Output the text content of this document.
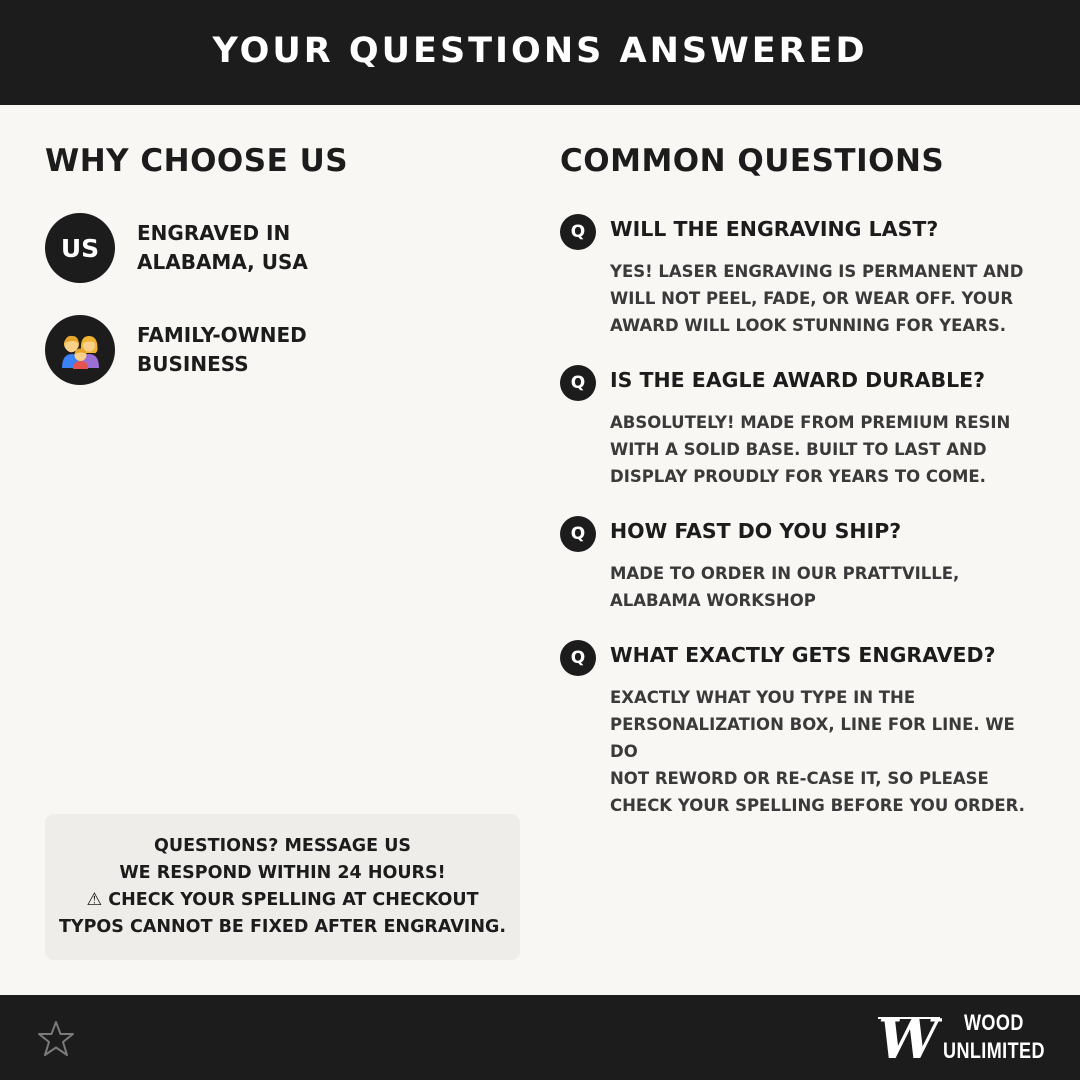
YOUR QUESTIONS ANSWERED
WHY CHOOSE US
US
ENGRAVED IN
ALABAMA, USA
FAMILY-OWNED
BUSINESS
COMMON QUESTIONS
Q	WILL THE ENGRAVING LAST?
YES! LASER ENGRAVING IS PERMANENT AND
WILL NOT PEEL, FADE, OR WEAR OFF. YOUR
AWARD WILL LOOK STUNNING FOR YEARS.
Q	IS THE EAGLE AWARD DURABLE?
ABSOLUTELY! MADE FROM PREMIUM RESIN
WITH A SOLID BASE. BUILT TO LAST AND
DISPLAY PROUDLY FOR YEARS TO COME.
Q	HOW FAST DO YOU SHIP?
MADE TO ORDER IN OUR PRATTVILLE,
ALABAMA WORKSHOP
Q	WHAT EXACTLY GETS ENGRAVED?
EXACTLY WHAT YOU TYPE IN THE
PERSONALIZATION BOX, LINE FOR LINE. WE DO
NOT REWORD OR RE-CASE IT, SO PLEASE
CHECK YOUR SPELLING BEFORE YOU ORDER.
QUESTIONS? MESSAGE US
WE RESPOND WITHIN 24 HOURS!
⚠ CHECK YOUR SPELLING AT CHECKOUT
TYPOS CANNOT BE FIXED AFTER ENGRAVING.
W WOOD
UNLIMITED
